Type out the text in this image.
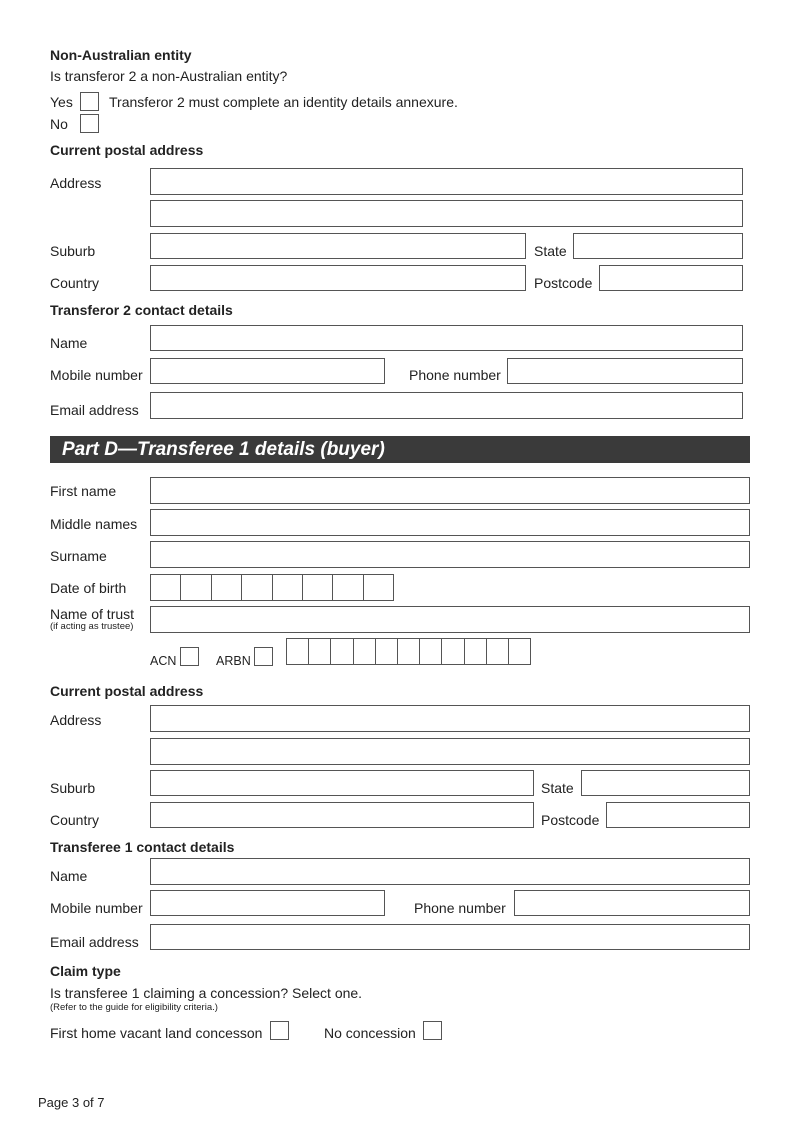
Non-Australian entity
Is transferor 2 a non-Australian entity?
Yes	Transferor 2 must complete an identity details annexure.
No
Current postal address
Address
Suburb	State
Country	Postcode
Transferor 2 contact details
Name
Mobile number	Phone number
Email address
Part D—Transferee 1 details (buyer)
First name
Middle names
Surname
Date of birth
Name of trust
(if acting as trustee)
ACN	ARBN
Current postal address
Address
Suburb	State
Country	Postcode
Transferee 1 contact details
Name
Mobile number	Phone number
Email address
Claim type
Is transferee 1 claiming a concession? Select one.
(Refer to the guide for eligibility criteria.)
First home vacant land concesson	No concession
Page 3 of 7
